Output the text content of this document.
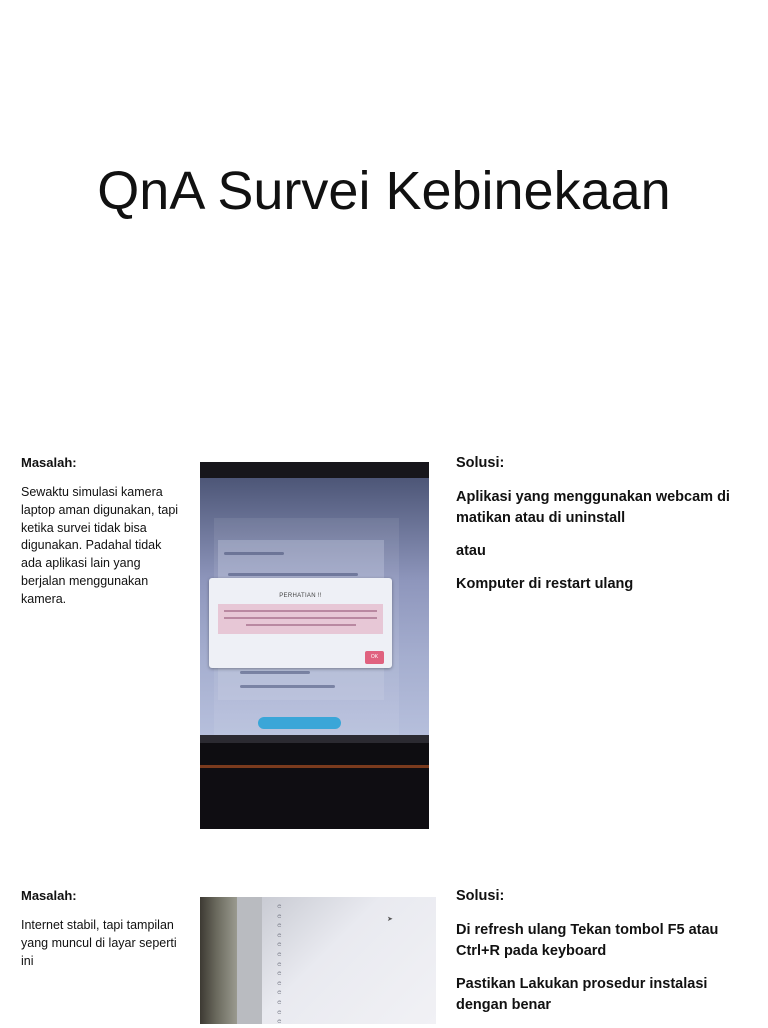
QnA Survei Kebinekaan
Masalah:
Sewaktu simulasi kamera laptop aman digunakan, tapi ketika survei tidak bisa digunakan. Padahal tidak ada aplikasi lain yang berjalan menggunakan kamera.	PERHATIAN !!
OK
Solusi:

Aplikasi yang menggunakan webcam di matikan atau di uninstall

atau

Komputer di restart ulang

Masalah:
Internet stabil, tapi tampilan yang muncul di layar seperti ini
ၔ
ၔ
ၔ
ၔ
ၔ
ၔ
ၔ
ၔ
ၔ
ၔ
ၔ
ၔ
ၔ
➤
Solusi:

Di refresh ulang Tekan tombol F5 atau Ctrl+R pada keyboard

Pastikan Lakukan prosedur instalasi dengan benar
